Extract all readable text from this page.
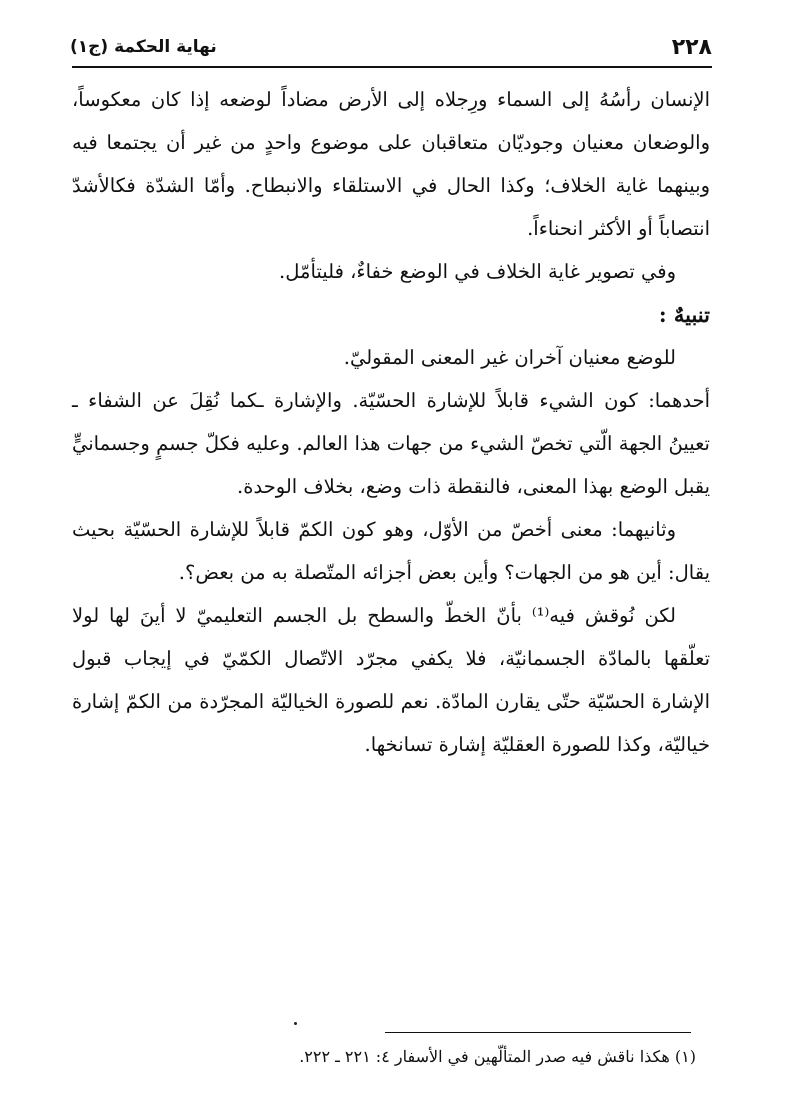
٢٢٨
نهاية الحكمة (ج١)

الإنسان رأسُهُ إلى السماء ورِجلاه إلى الأرض مضاداً لوضعه إذا كان معكوساً، والوضعان معنيان وجوديّان متعاقبان على موضوع واحدٍ من غير أن يجتمعا فيه وبينهما غاية الخلاف؛ وكذا الحال في الاستلقاء والانبطاح. وأمّا الشدّة فكالأشدّ انتصاباً أو الأكثر انحناءاً.

وفي تصوير غاية الخلاف في الوضع خفاءٌ، فليتأمّل.

تنبيهٌ :

للوضع معنيان آخران غير المعنى المقوليّ.

أحدهما: كون الشيء قابلاً للإشارة الحسّيّة. والإشارة ـكما نُقِلَ عن الشفاء ـ تعيينُ الجهة الّتي تخصّ الشيء من جهات هذا العالم. وعليه فكلّ جسمٍ وجسمانيٍّ يقبل الوضع بهذا المعنى، فالنقطة ذات وضع، بخلاف الوحدة.

وثانيهما: معنى أخصّ من الأوّل، وهو كون الكمّ قابلاً للإشارة الحسّيّة بحيث يقال: أين هو من الجهات؟ وأين بعض أجزائه المتّصلة به من بعض؟.

لكن نُوقش فيه⁽¹⁾ بأنّ الخطّ والسطح بل الجسم التعليميّ لا أينَ لها لولا تعلّقها بالمادّة الجسمانيّة، فلا يكفي مجرّد الاتّصال الكمّيّ في إيجاب قبول الإشارة الحسّيّة حتّى يقارن المادّة. نعم للصورة الخياليّة المجرّدة من الكمّ إشارة خياليّة، وكذا للصورة العقليّة إشارة تسانخها.

(١) هكذا ناقش فيه صدر المتألّهين في الأسفار ٤: ٢٢١ ـ ٢٢٢.
